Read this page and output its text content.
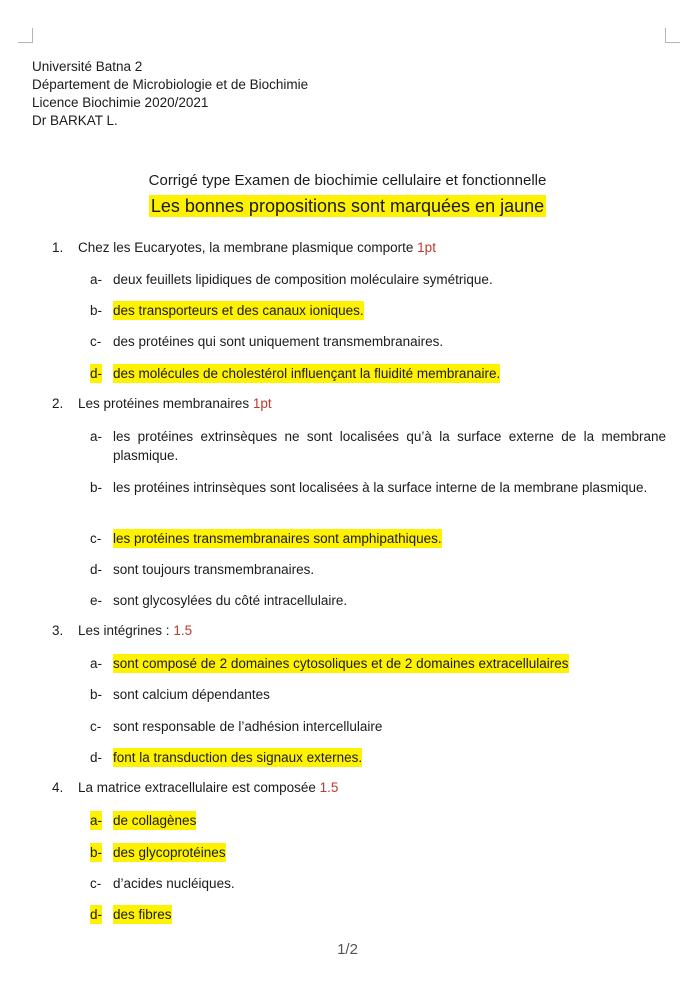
Université Batna 2
Département de Microbiologie et de Biochimie
Licence Biochimie 2020/2021
Dr BARKAT L.
Corrigé type Examen de biochimie cellulaire et fonctionnelle
Les bonnes propositions sont marquées en jaune
1. Chez les Eucaryotes, la membrane plasmique comporte 1pt
a- deux feuillets lipidiques de composition moléculaire symétrique.
b- des transporteurs et des canaux ioniques.
c- des protéines qui sont uniquement transmembranaires.
d- des molécules de cholestérol influençant la fluidité membranaire.
2. Les protéines membranaires 1pt
a- les protéines extrinsèques ne sont localisées qu’à la surface externe de la membrane plasmique.
b- les protéines intrinsèques sont localisées à la surface interne de la membrane plasmique.
c- les protéines transmembranaires sont amphipathiques.
d- sont toujours transmembranaires.
e- sont glycosylées du côté intracellulaire.
3. Les intégrines : 1.5
a- sont composé de 2 domaines cytosoliques et de 2 domaines extracellulaires
b- sont calcium dépendantes
c- sont responsable de l’adhésion intercellulaire
d- font la transduction des signaux externes.
4. La matrice extracellulaire est composée 1.5
a- de collagènes
b- des glycoprotéines
c- d’acides nucléiques.
d- des fibres
1/2
